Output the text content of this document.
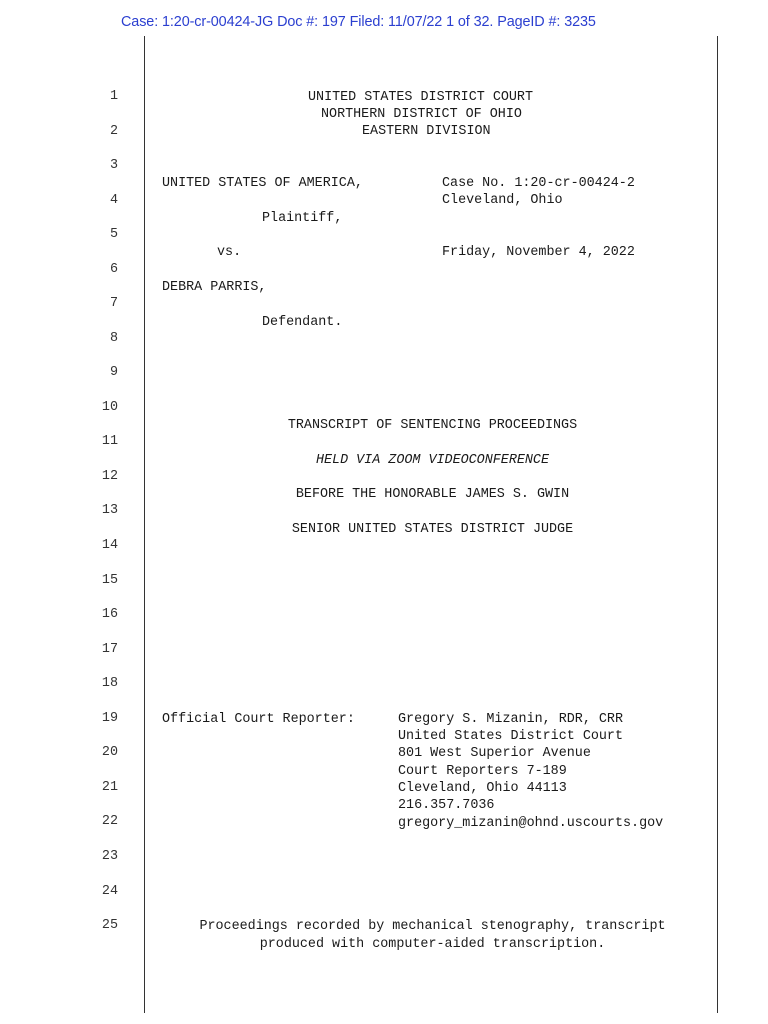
Case: 1:20-cr-00424-JG Doc #: 197 Filed: 11/07/22 1 of 32. PageID #: 3235
1
2
3
4
5
6
7
8
9
10
11
12
13
14
15
16
17
18
19
20
21
22
23
24
25
UNITED STATES DISTRICT COURT
NORTHERN DISTRICT OF OHIO
EASTERN DIVISION
UNITED STATES OF AMERICA,	Case No. 1:20-cr-00424-2
Cleveland, Ohio
Plaintiff,
vs.	Friday, November 4, 2022
DEBRA PARRIS,
Defendant.
TRANSCRIPT OF SENTENCING PROCEEDINGS
HELD VIA ZOOM VIDEOCONFERENCE
BEFORE THE HONORABLE JAMES S. GWIN
SENIOR UNITED STATES DISTRICT JUDGE
Official Court Reporter:	Gregory S. Mizanin, RDR, CRR
United States District Court
801 West Superior Avenue
Court Reporters 7-189
Cleveland, Ohio 44113
216.357.7036
gregory_mizanin@ohnd.uscourts.gov
Proceedings recorded by mechanical stenography, transcript
produced with computer-aided transcription.
